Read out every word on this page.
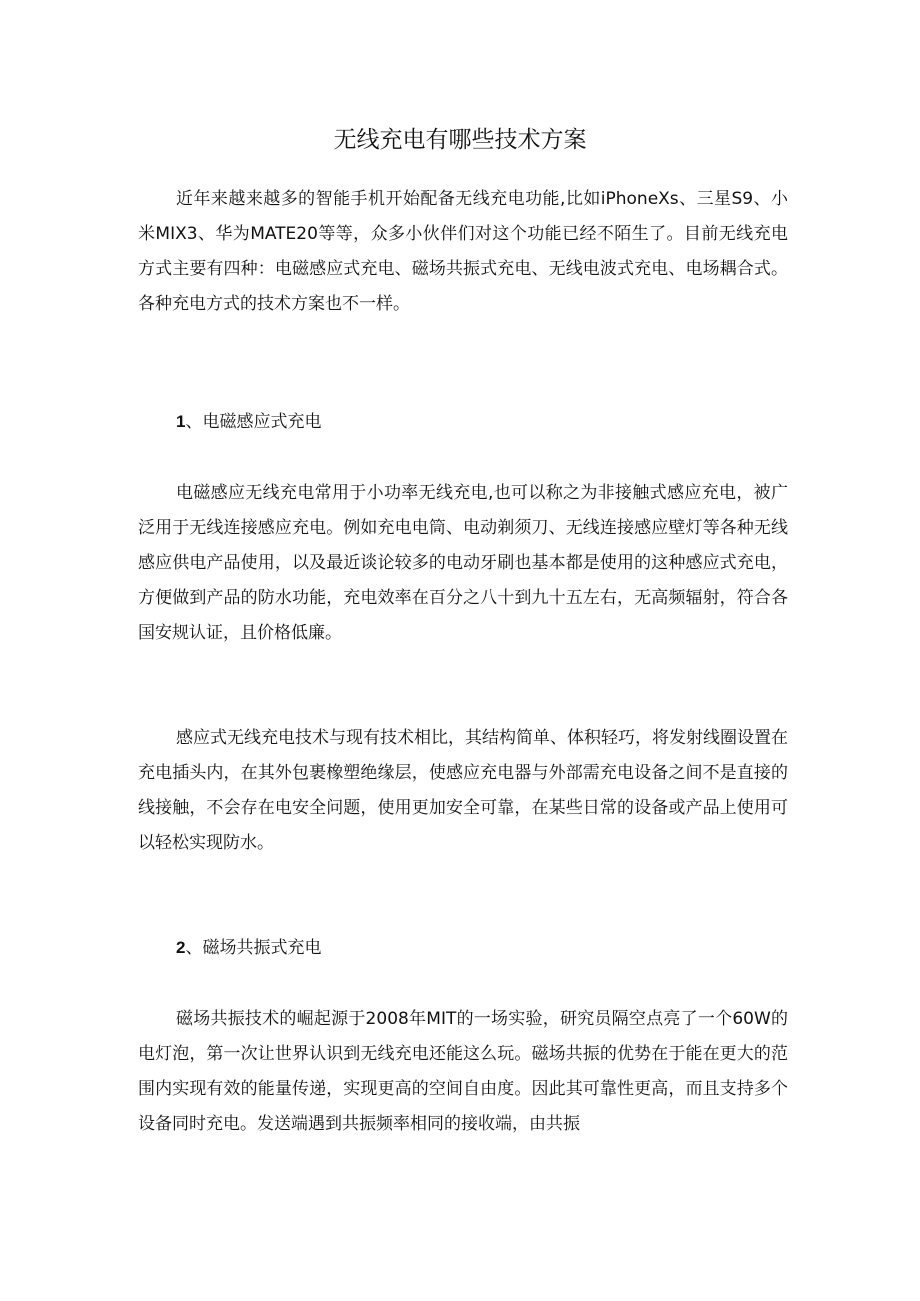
无线充电有哪些技术方案

近年来越来越多的智能手机开始配备无线充电功能,比如iPhoneXs、三星S9、小米MIX3、华为MATE20等等，众多小伙伴们对这个功能已经不陌生了。目前无线充电方式主要有四种：电磁感应式充电、磁场共振式充电、无线电波式充电、电场耦合式。各种充电方式的技术方案也不一样。

1、电磁感应式充电

电磁感应无线充电常用于小功率无线充电,也可以称之为非接触式感应充电，被广泛用于无线连接感应充电。例如充电电筒、电动剃须刀、无线连接感应壁灯等各种无线感应供电产品使用，以及最近谈论较多的电动牙刷也基本都是使用的这种感应式充电，方便做到产品的防水功能，充电效率在百分之八十到九十五左右，无高频辐射，符合各国安规认证，且价格低廉。

感应式无线充电技术与现有技术相比，其结构简单、体积轻巧，将发射线圈设置在充电插头内，在其外包裹橡塑绝缘层，使感应充电器与外部需充电设备之间不是直接的线接触，不会存在电安全问题，使用更加安全可靠，在某些日常的设备或产品上使用可以轻松实现防水。

2、磁场共振式充电

磁场共振技术的崛起源于2008年MIT的一场实验，研究员隔空点亮了一个60W的电灯泡，第一次让世界认识到无线充电还能这么玩。磁场共振的优势在于能在更大的范围内实现有效的能量传递，实现更高的空间自由度。因此其可靠性更高，而且支持多个设备同时充电。发送端遇到共振频率相同的接收端，由共振
